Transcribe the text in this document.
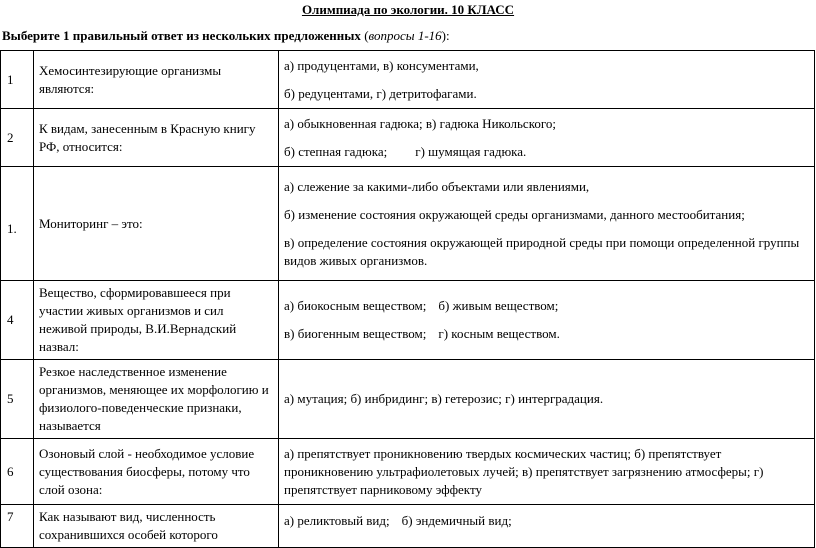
Олимпиада по экологии. 10 КЛАСС
Выберите 1 правильный ответ из нескольких предложенных (вопросы 1-16):
1	Хемосинтезирующие организмы являются:	а) продуцентами, в) консументами,

б) редуцентами, г) детритофагами.

2	К видам, занесенным в Красную книгу РФ, относится:	а) обыкновенная гадюка; в) гадюка Никольского;

б) степная гадюка; г) шумящая гадюка.

1.	Мониторинг – это:	а) слежение за какими-либо объектами или явлениями,

б) изменение состояния окружающей среды организмами, данного местообитания;

в) определение состояния окружающей природной среды при помощи определенной группы видов живых организмов.

4	Вещество, сформировавшееся при участии живых организмов и сил неживой природы, В.И.Вернадский назвал:	а) биокосным веществом; б) живым веществом;

в) биогенным веществом; г) косным веществом.

5	Резкое наследственное изменение организмов, меняющее их морфологию и физиолого-поведенческие признаки, называется	а) мутация; б) инбридинг; в) гетерозис; г) интерградация.

6	Озоновый слой - необходимое условие существования биосферы, потому что слой озона:	а) препятствует проникновению твердых космических частиц; б) препятствует проникновению ультрафиолетовых лучей; в) препятствует загрязнению атмосферы; г) препятствует парниковому эффекту

7	Как называют вид, численность сохранившихся особей которого	а) реликтовый вид; б) эндемичный вид;
